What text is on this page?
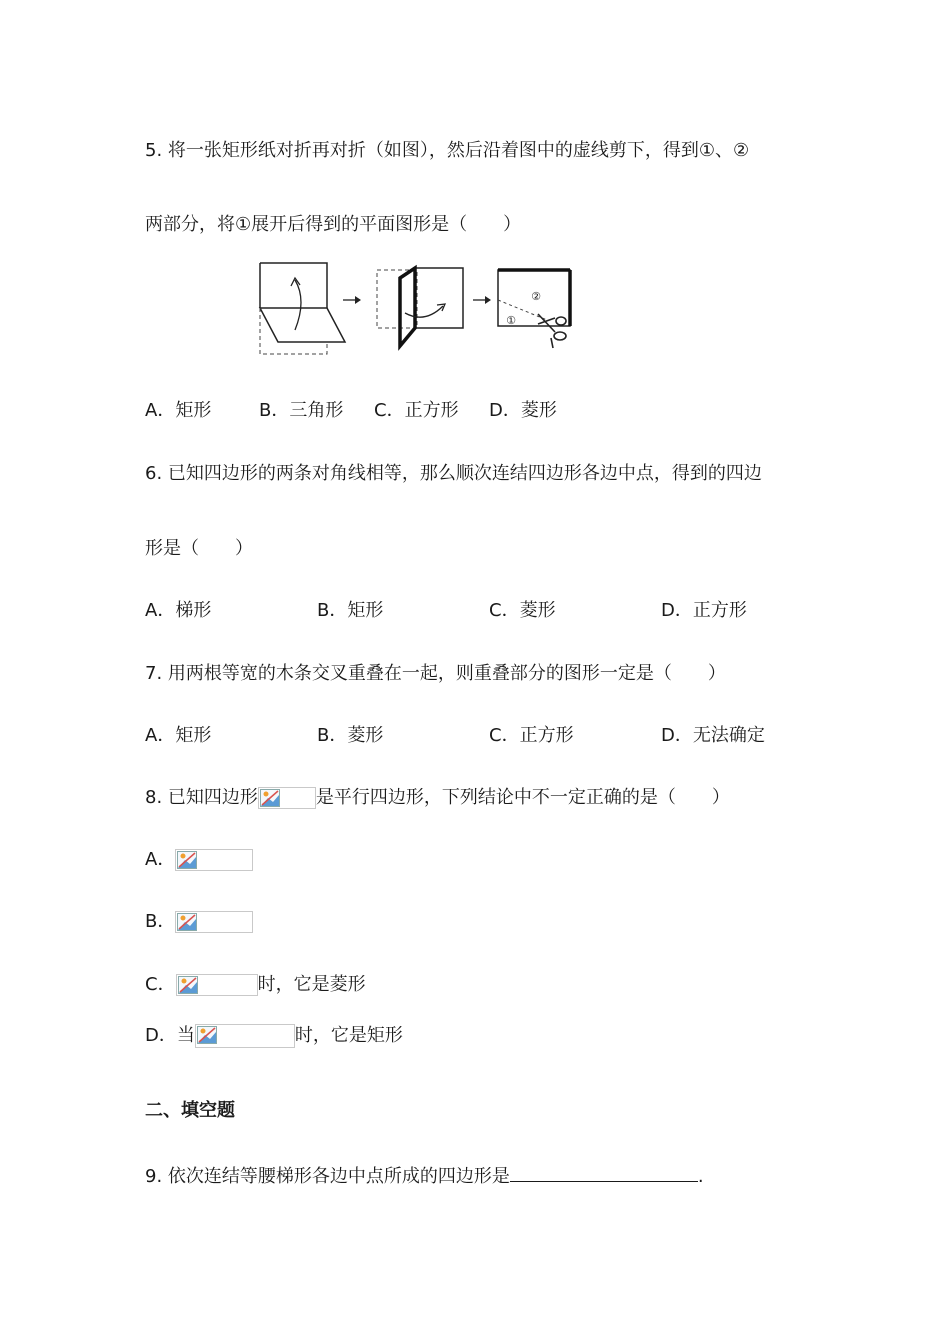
5. 将一张矩形纸对折再对折（如图），然后沿着图中的虚线剪下，得到①、②
两部分，将①展开后得到的平面图形是（　　）
②
①
A．矩形	B．三角形 C．正方形 D．菱形
6. 已知四边形的两条对角线相等，那么顺次连结四边形各边中点，得到的四边
形是（　　）
A．梯形	B．矩形	C．菱形	D．正方形
7. 用两根等宽的木条交叉重叠在一起，则重叠部分的图形一定是（　　）
A．矩形	B．菱形	C．正方形	D．无法确定
8. 已知四边形	是平行四边形，下列结论中不一定正确的是（　　）
A．
B．
C．	时，它是菱形
D．当	时，它是矩形
二、填空题
9. 依次连结等腰梯形各边中点所成的四边形是	.
